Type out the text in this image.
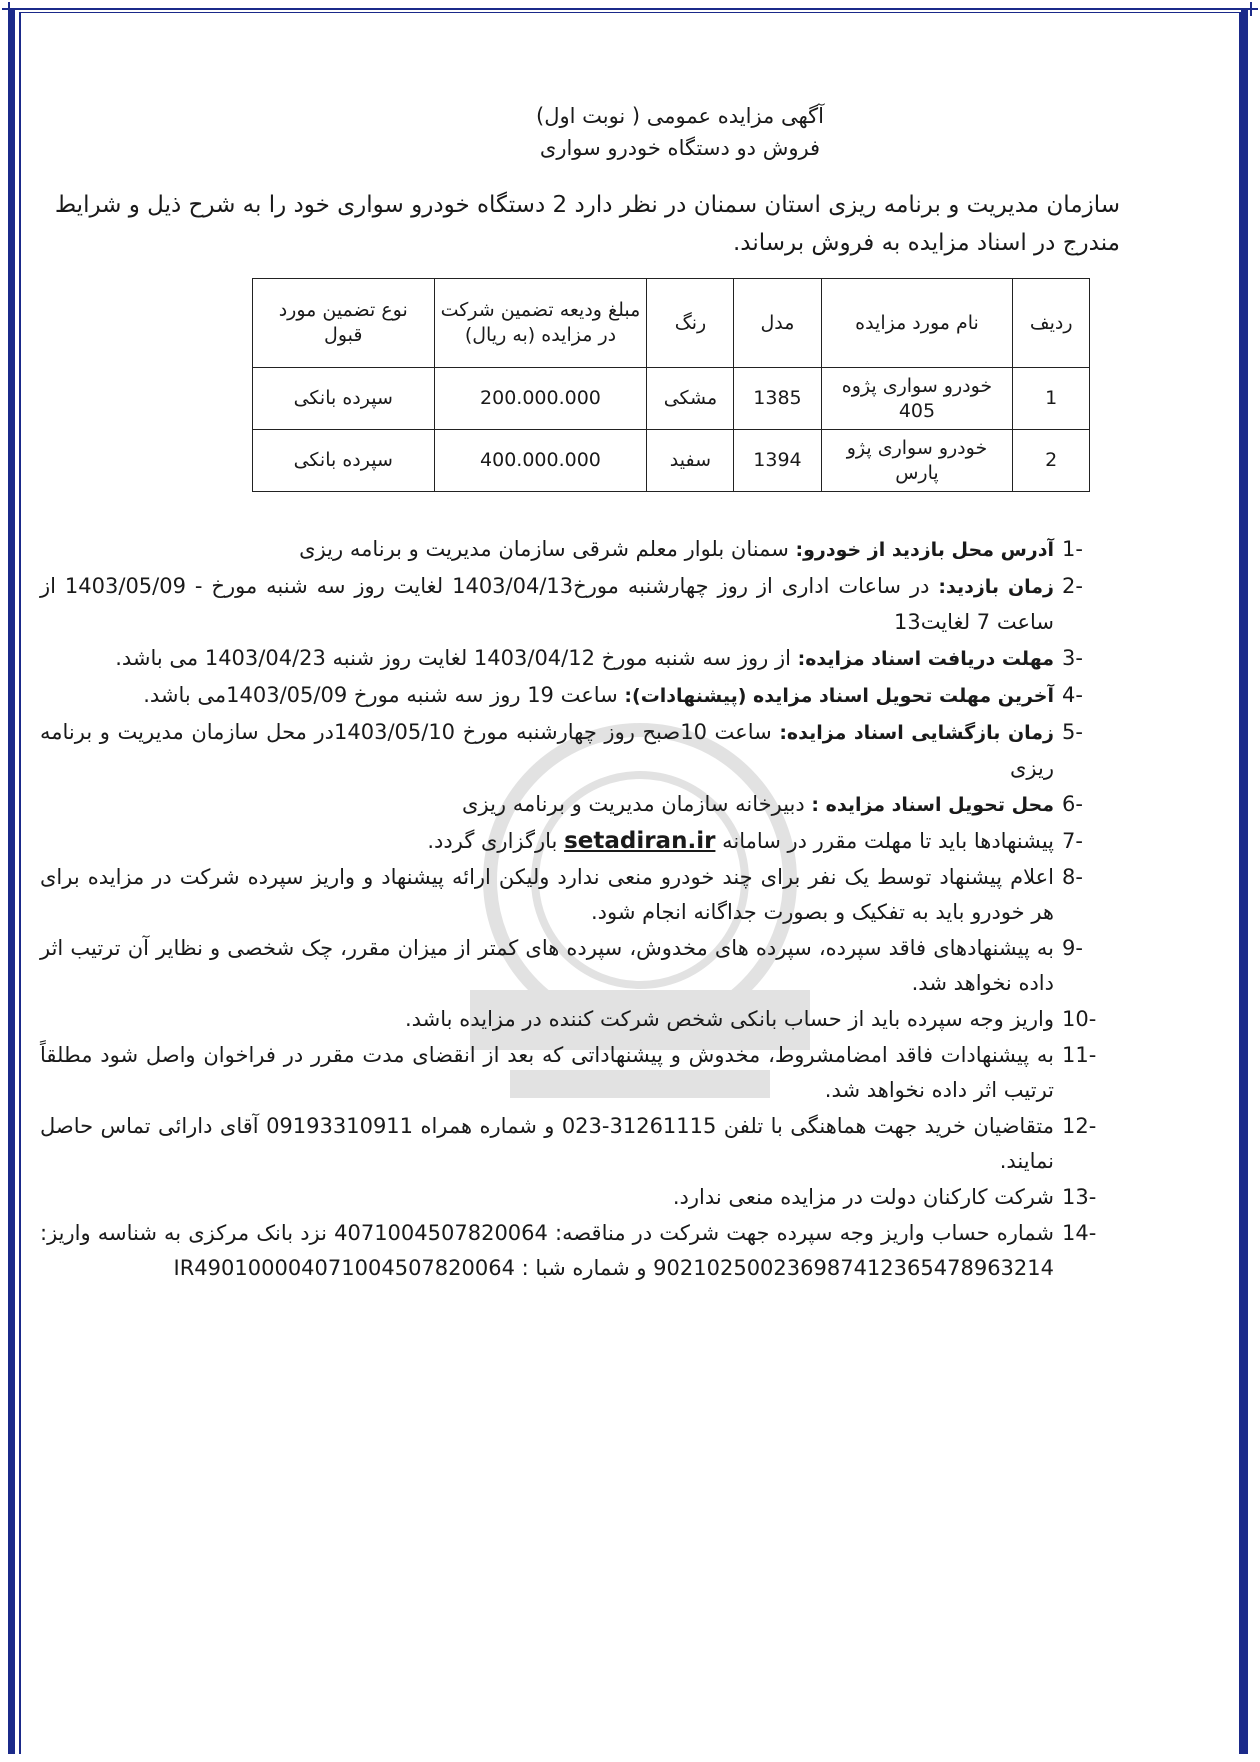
آگهی مزایده عمومی ( نوبت اول)
فروش دو دستگاه خودرو سواری
سازمان مدیریت و برنامه ریزی استان سمنان در نظر دارد 2 دستگاه خودرو سواری خود را به شرح ذیل و شرایط مندرج در اسناد مزایده به فروش برساند.
ردیف	نام مورد مزایده	مدل	رنگ	مبلغ ودیعه تضمین شرکت در مزایده (به ریال)	نوع تضمین مورد قبول
1	خودرو سواری پژوه 405	1385	مشکی	200.000.000	سپرده بانکی
2	خودرو سواری پژو پارس	1394	سفید	400.000.000	سپرده بانکی
1-
آدرس محل بازدید از خودرو: سمنان بلوار معلم شرقی سازمان مدیریت و برنامه ریزی
2-
زمان بازدید: در ساعات اداری از روز چهارشنبه مورخ1403/04/13 لغایت روز سه شنبه مورخ - 1403/05/09 از ساعت 7 لغایت13
3-
مهلت دریافت اسناد مزایده: از روز سه شنبه مورخ 1403/04/12 لغایت روز شنبه 1403/04/23 می باشد.
4-
آخرین مهلت تحویل اسناد مزایده (پیشنهادات): ساعت 19 روز سه شنبه مورخ 1403/05/09می باشد.
5-
زمان بازگشایی اسناد مزایده: ساعت 10صبح روز چهارشنبه مورخ 1403/05/10در محل سازمان مدیریت و برنامه ریزی
6-
محل تحویل اسناد مزایده : دبیرخانه سازمان مدیریت و برنامه ریزی
7-
پیشنهادها باید تا مهلت مقرر در سامانه setadiran.ir بارگزاری گردد.
8-
اعلام پیشنهاد توسط یک نفر برای چند خودرو منعی ندارد ولیکن ارائه پیشنهاد و واریز سپرده شرکت در مزایده برای هر خودرو باید به تفکیک و بصورت جداگانه انجام شود.
9-
به پیشنهادهای فاقد سپرده، سپرده های مخدوش، سپرده های کمتر از میزان مقرر، چک شخصی و نظایر آن ترتیب اثر داده نخواهد شد.
10-
واریز وجه سپرده باید از حساب بانکی شخص شرکت کننده در مزایده باشد.
11-
به پیشنهادات فاقد امضامشروط، مخدوش و پیشنهاداتی که بعد از انقضای مدت مقرر در فراخوان واصل شود مطلقاً ترتیب اثر داده نخواهد شد.
12-
متقاضیان خرید جهت هماهنگی با تلفن 31261115-023 و شماره همراه 09193310911 آقای دارائی تماس حاصل نمایند.
13-
شرکت کارکنان دولت در مزایده منعی ندارد.
14-
شماره حساب واریز وجه سپرده جهت شرکت در مناقصه: 4071004507820064 نزد بانک مرکزی به شناسه واریز: 902102500236987412365478963214 و شماره شبا : IR490100004071004507820064
